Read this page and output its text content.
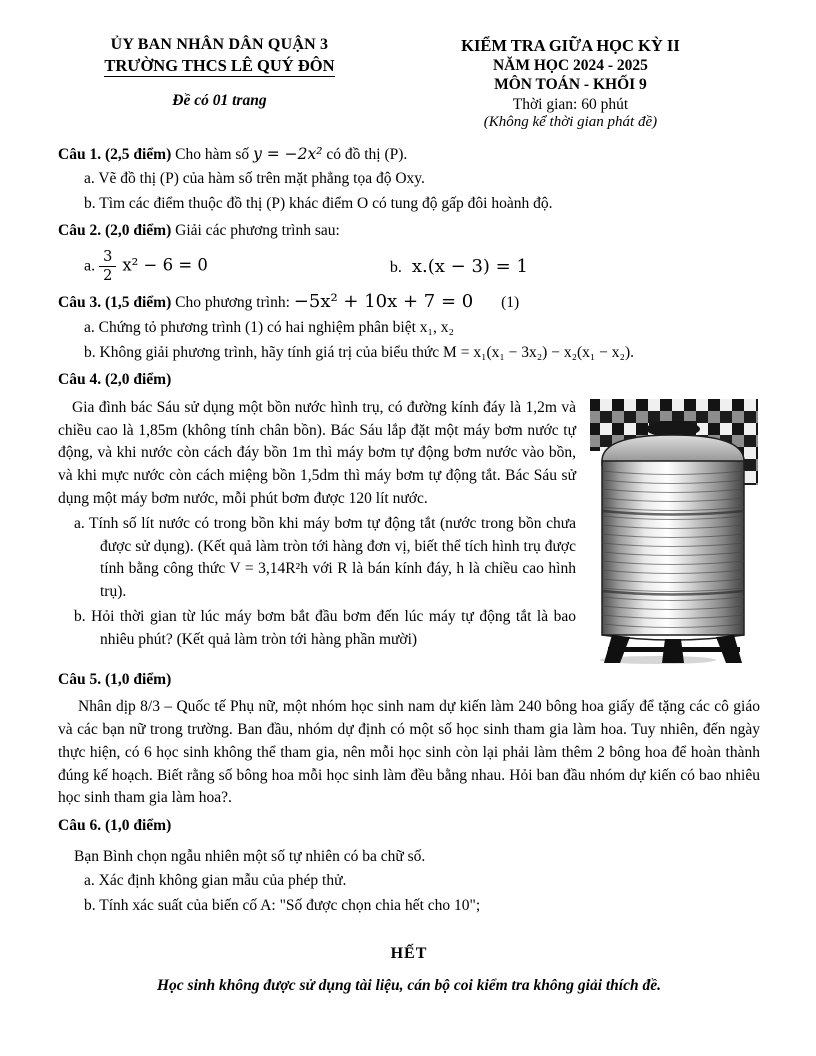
ỦY BAN NHÂN DÂN QUẬN 3
TRƯỜNG THCS LÊ QUÝ ĐÔN
Đề có 01 trang
KIỂM TRA GIỮA HỌC KỲ II
NĂM HỌC 2024 - 2025
MÔN TOÁN - KHỐI 9
Thời gian: 60 phút
(Không kể thời gian phát đề)

Câu 1. (2,5 điểm) Cho hàm số y = −2x² có đồ thị (P).

a. Vẽ đồ thị (P) của hàm số trên mặt phẳng tọa độ Oxy.

b. Tìm các điểm thuộc đồ thị (P) khác điểm O có tung độ gấp đôi hoành độ.

Câu 2. (2,0 điểm) Giải các phương trình sau:

a. $\frac{3}{2} x^2 - 6 = 0$	b. x.(x − 3) = 1

Câu 3. (1,5 điểm) Cho phương trình: −5x² + 10x + 7 = 0 (1)

a. Chứng tỏ phương trình (1) có hai nghiệm phân biệt x₁, x₂

b. Không giải phương trình, hãy tính giá trị của biểu thức M = x₁(x₁ − 3x₂) − x₂(x₁ − x₂).

Câu 4. (2,0 điểm)

Gia đình bác Sáu sử dụng một bồn nước hình trụ, có đường kính đáy là 1,2m và chiều cao là 1,85m (không tính chân bồn). Bác Sáu lắp đặt một máy bơm nước tự động, và khi nước còn cách đáy bồn 1m thì máy bơm tự động bơm nước vào bồn, và khi mực nước còn cách miệng bồn 1,5dm thì máy bơm tự động tắt. Bác Sáu sử dụng một máy bơm nước, mỗi phút bơm được 120 lít nước.

a. Tính số lít nước có trong bồn khi máy bơm tự động tắt (nước trong bồn chưa được sử dụng). (Kết quả làm tròn tới hàng đơn vị, biết thể tích hình trụ được tính bằng công thức V = 3,14R²h với R là bán kính đáy, h là chiều cao hình trụ).

b. Hỏi thời gian từ lúc máy bơm bắt đầu bơm đến lúc máy tự động tắt là bao nhiêu phút? (Kết quả làm tròn tới hàng phần mười)

Câu 5. (1,0 điểm)

Nhân dịp 8/3 – Quốc tế Phụ nữ, một nhóm học sinh nam dự kiến làm 240 bông hoa giấy để tặng các cô giáo và các bạn nữ trong trường. Ban đầu, nhóm dự định có một số học sinh tham gia làm hoa. Tuy nhiên, đến ngày thực hiện, có 6 học sinh không thể tham gia, nên mỗi học sinh còn lại phải làm thêm 2 bông hoa để hoàn thành đúng kế hoạch. Biết rằng số bông hoa mỗi học sinh làm đều bằng nhau. Hỏi ban đầu nhóm dự kiến có bao nhiêu học sinh tham gia làm hoa?.

Câu 6. (1,0 điểm)

Bạn Bình chọn ngẫu nhiên một số tự nhiên có ba chữ số.

a. Xác định không gian mẫu của phép thử.

b. Tính xác suất của biến cố A: "Số được chọn chia hết cho 10";

HẾT

Học sinh không được sử dụng tài liệu, cán bộ coi kiểm tra không giải thích đề.
